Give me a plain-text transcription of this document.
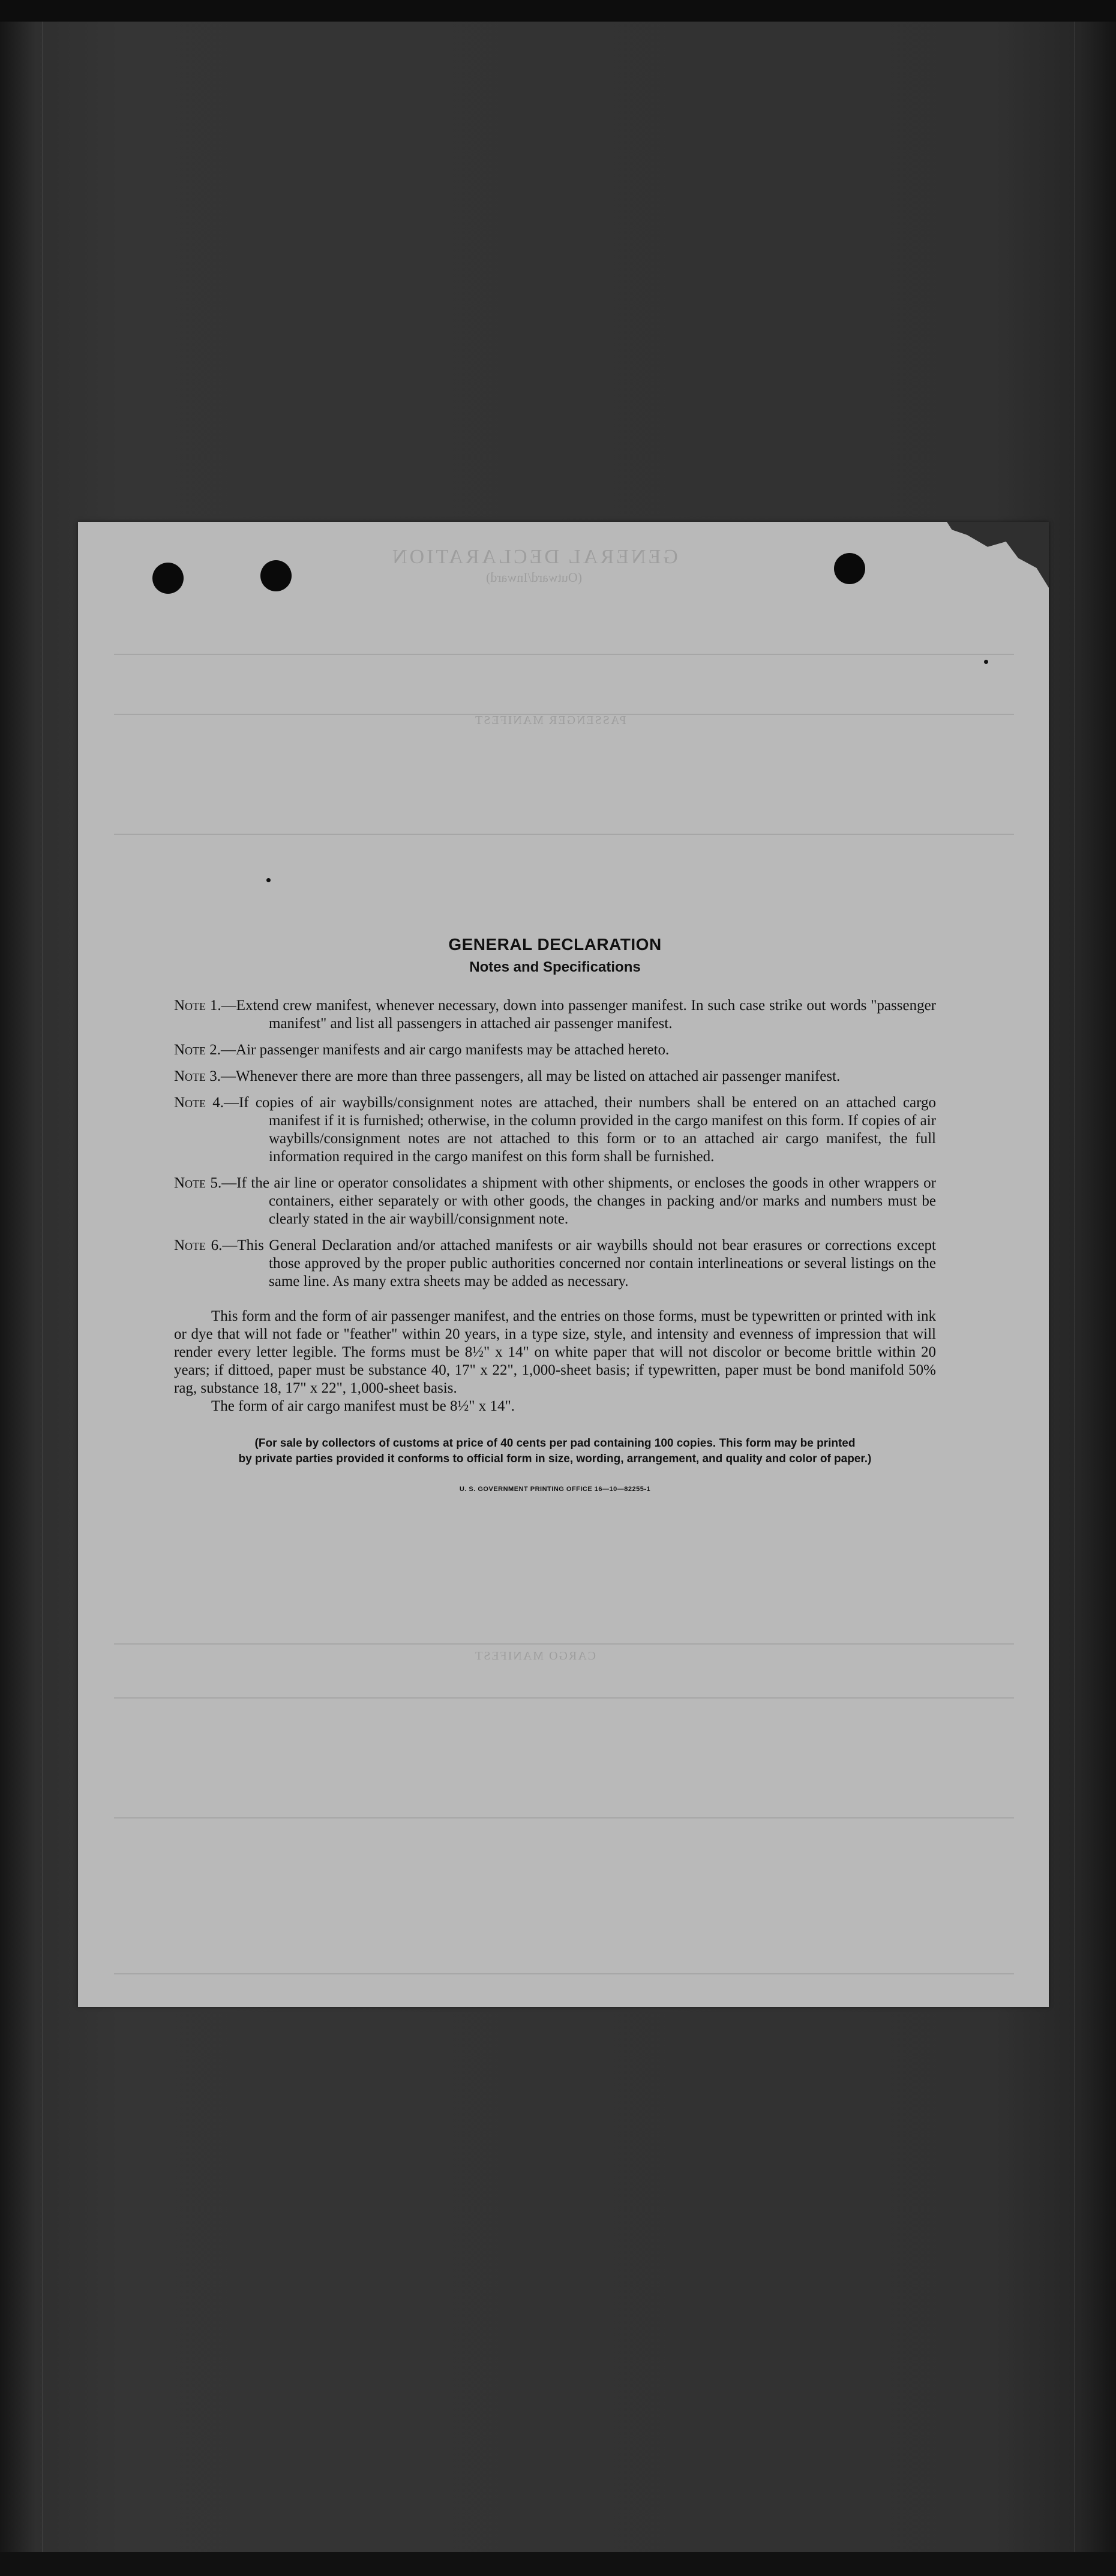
GENERAL DECLARATION
(Outward/Inward)
PASSENGER MANIFEST
CARGO MANIFEST
GENERAL DECLARATION
Notes and Specifications
Note 1.—Extend crew manifest, whenever necessary, down into passenger manifest. In such case strike out words "passenger manifest" and list all passengers in attached air passenger manifest.
Note 2.—Air passenger manifests and air cargo manifests may be attached hereto.
Note 3.—Whenever there are more than three passengers, all may be listed on attached air passenger manifest.
Note 4.—If copies of air waybills/consignment notes are attached, their numbers shall be entered on an attached cargo manifest if it is furnished; otherwise, in the column provided in the cargo manifest on this form. If copies of air waybills/consignment notes are not attached to this form or to an attached air cargo manifest, the full information required in the cargo manifest on this form shall be furnished.
Note 5.—If the air line or operator consolidates a shipment with other shipments, or encloses the goods in other wrappers or containers, either separately or with other goods, the changes in packing and/or marks and numbers must be clearly stated in the air waybill/consignment note.
Note 6.—This General Declaration and/or attached manifests or air waybills should not bear erasures or corrections except those approved by the proper public authorities concerned nor contain interlineations or several listings on the same line. As many extra sheets may be added as necessary.
This form and the form of air passenger manifest, and the entries on those forms, must be typewritten or printed with ink or dye that will not fade or "feather" within 20 years, in a type size, style, and intensity and evenness of impression that will render every letter legible. The forms must be 8½" x 14" on white paper that will not discolor or become brittle within 20 years; if dittoed, paper must be substance 40, 17" x 22", 1,000-sheet basis; if typewritten, paper must be bond manifold 50% rag, substance 18, 17" x 22", 1,000-sheet basis.
The form of air cargo manifest must be 8½" x 14".
(For sale by collectors of customs at price of 40 cents per pad containing 100 copies. This form may be printed
by private parties provided it conforms to official form in size, wording, arrangement, and quality and color of paper.)
U. S. GOVERNMENT PRINTING OFFICE 16—10—82255-1
